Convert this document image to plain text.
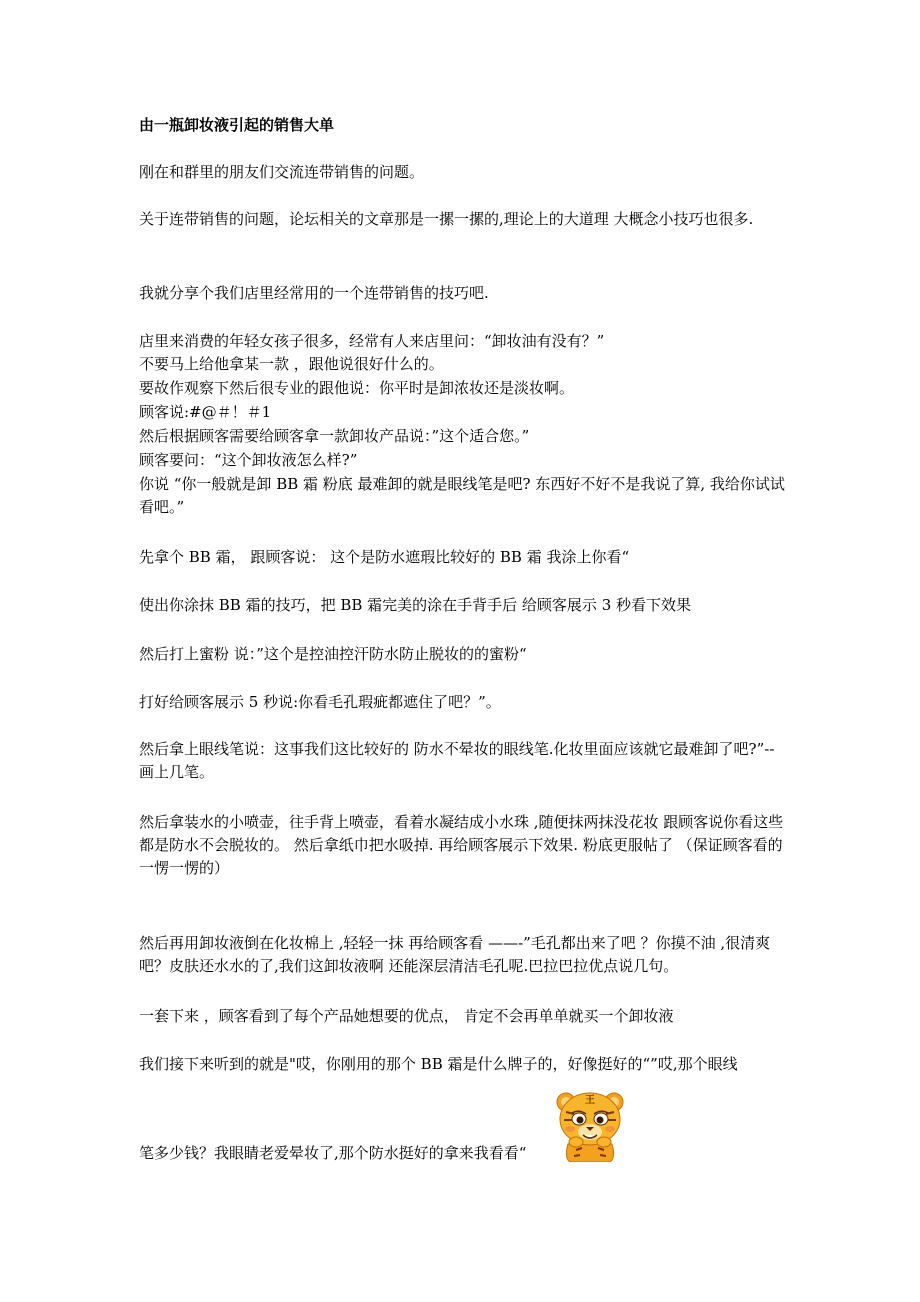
由一瓶卸妆液引起的销售大单
刚在和群里的朋友们交流连带销售的问题。
关于连带销售的问题，论坛相关的文章那是一摞一摞的,理论上的大道理 大概念小技巧也很多.
我就分享个我们店里经常用的一个连带销售的技巧吧.
店里来消费的年轻女孩子很多，经常有人来店里问：“卸妆油有没有？”
不要马上给他拿某一款 ，跟他说很好什么的。
要故作观察下然后很专业的跟他说：你平时是卸浓妆还是淡妆啊。
顾客说:#@＃！＃1
然后根据顾客需要给顾客拿一款卸妆产品说：”这个适合您。”
顾客要问：“这个卸妆液怎么样?”
你说 “你一般就是卸 BB 霜 粉底 最难卸的就是眼线笔是吧? 东西好不好不是我说了算, 我给你试试看吧。”
先拿个 BB 霜， 跟顾客说： 这个是防水遮瑕比较好的 BB 霜 我涂上你看“
使出你涂抹 BB 霜的技巧，把 BB 霜完美的涂在手背手后 给顾客展示 3 秒看下效果
然后打上蜜粉 说：”这个是控油控汗防水防止脱妆的的蜜粉“
打好给顾客展示 5 秒说:你看毛孔瑕疵都遮住了吧？”。
然后拿上眼线笔说：这事我们这比较好的 防水不晕妆的眼线笔.化妆里面应该就它最难卸了吧?”--画上几笔。
然后拿装水的小喷壶，往手背上喷壶，看着水凝结成小水珠 ,随便抹两抹没花妆 跟顾客说你看这些都是防水不会脱妆的。 然后拿纸巾把水吸掉. 再给顾客展示下效果. 粉底更服帖了 （保证顾客看的一愣一愣的）
然后再用卸妆液倒在化妆棉上 ,轻轻一抹 再给顾客看 ——-”毛孔都出来了吧 ？你摸不油 ,很清爽吧？皮肤还水水的了,我们这卸妆液啊 还能深层清洁毛孔呢.巴拉巴拉优点说几句。
一套下来 ，顾客看到了每个产品她想要的优点， 肯定不会再单单就买一个卸妆液
我们接下来听到的就是"哎，你刚用的那个 BB 霜是什么牌子的，好像挺好的“”哎,那个眼线
笔多少钱？我眼睛老爱晕妆了,那个防水挺好的拿来我看看“
王
